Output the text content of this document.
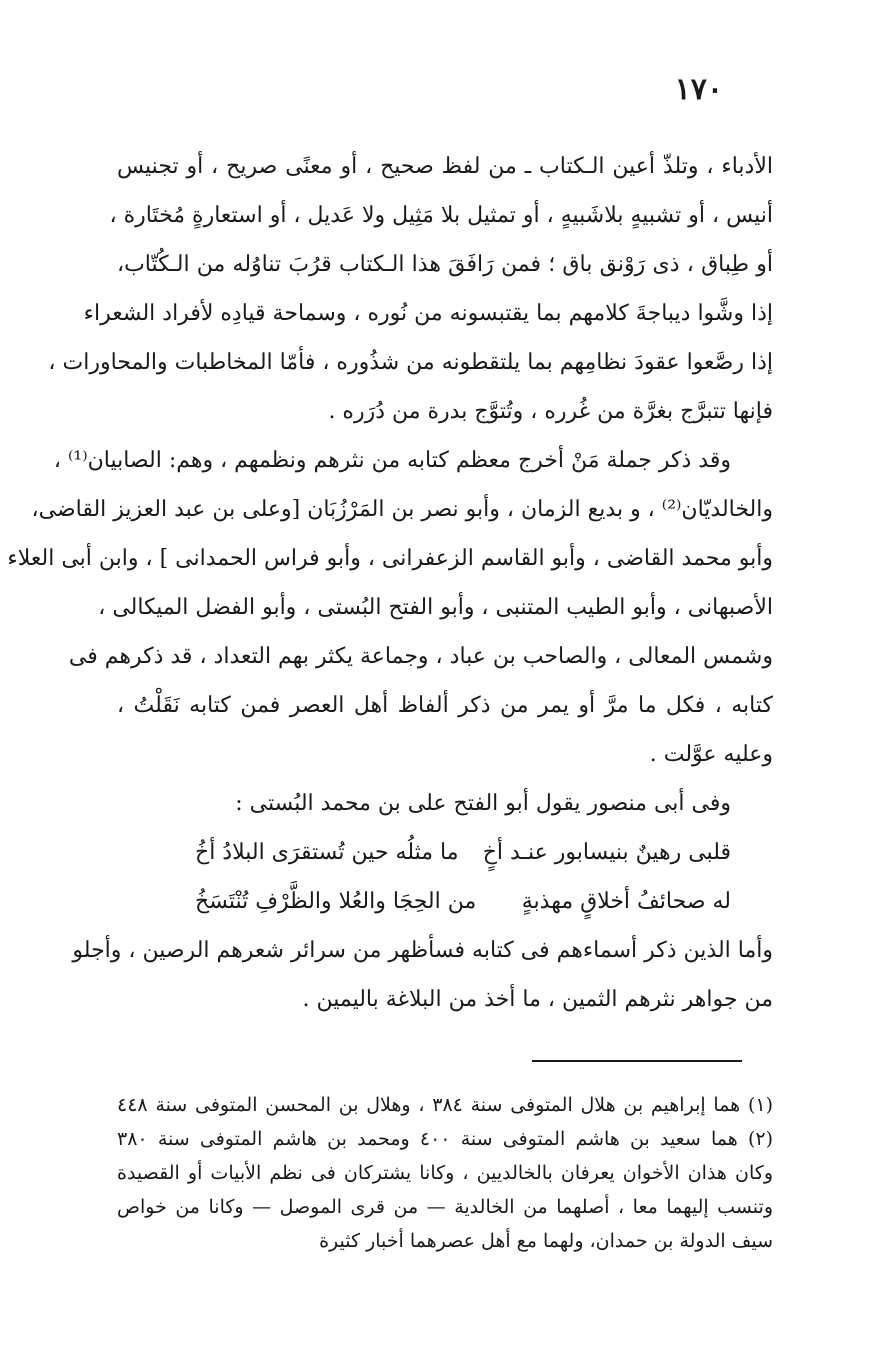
١٧٠
الأدباء ، وتلذّ أعين الـكتاب ـ من لفظ صحيح ، أو معنًى صريح ، أو تجنيس
أنيس ، أو تشبيهٍ بلاشَبيهٍ ، أو تمثيل بلا مَثِيل ولا عَديل ، أو استعارةٍ مُختَارة ،
أو طِباق ، ذى رَوْنق باق ؛ فمن رَافَقَ هذا الـكتاب قرُبَ تناوُله من الـكُتّاب،
إذا وشَّوا ديباجةَ كلامهم بما يقتبسونه من نُوره ، وسماحة قيادِه لأفراد الشعراء
إذا رصَّعوا عقودَ نظامِهم بما يلتقطونه من شذُوره ، فأمّا المخاطبات والمحاورات ،
فإنها تتبرَّج بغرَّة من غُرره ، وتُتوَّج بدرة من دُرَره .
وقد ذكر جملة مَنْ أخرج معظم كتابه من نثرهم ونظمهم ، وهم: الصابيان⁽¹⁾ ،
والخالديّان⁽²⁾ ، و بديع الزمان ، وأبو نصر بن المَرْزُبَان [وعلى بن عبد العزيز القاضى،
وأبو محمد القاضى ، وأبو القاسم الزعفرانى ، وأبو فراس الحمدانى ] ، وابن أبى العلاء
الأصبهانى ، وأبو الطيب المتنبى ، وأبو الفتح البُستى ، وأبو الفضل الميكالى ،
وشمس المعالى ، والصاحب بن عباد ، وجماعة يكثر بهم التعداد ، قد ذكرهم فى
كتابه ، فكل ما مرَّ أو يمر من ذكر ألفاظ أهل العصر فمن كتابه نَقَلْتُ ،
وعليه عوَّلت .
وفى أبى منصور يقول أبو الفتح على بن محمد البُستى :
قلبى رهينٌ بنيسابور عنـد أخٍ
ما مثلُه حين تُستقرَى البلادُ أخُ
له صحائفُ أخلاقٍ مهذبةٍ
من الحِجَا والعُلا والظَّرْفِ تُنْتَسَخُ
وأما الذين ذكر أسماءهم فى كتابه فسأظهر من سرائر شعرهم الرصين ، وأجلو
من جواهر نثرهم الثمين ، ما أخذ من البلاغة باليمين .
(١) هما إبراهيم بن هلال المتوفى سنة ٣٨٤ ، وهلال بن المحسن المتوفى سنة ٤٤٨
(٢) هما سعيد بن هاشم المتوفى سنة ٤٠٠ ومحمد بن هاشم المتوفى سنة ٣٨٠
وكان هذان الأخوان يعرفان بالخالديين ، وكانا يشتركان فى نظم الأبيات أو القصيدة
وتنسب إليهما معا ، أصلهما من الخالدية — من قرى الموصل — وكانا من خواص
سيف الدولة بن حمدان، ولهما مع أهل عصرهما أخبار كثيرة
